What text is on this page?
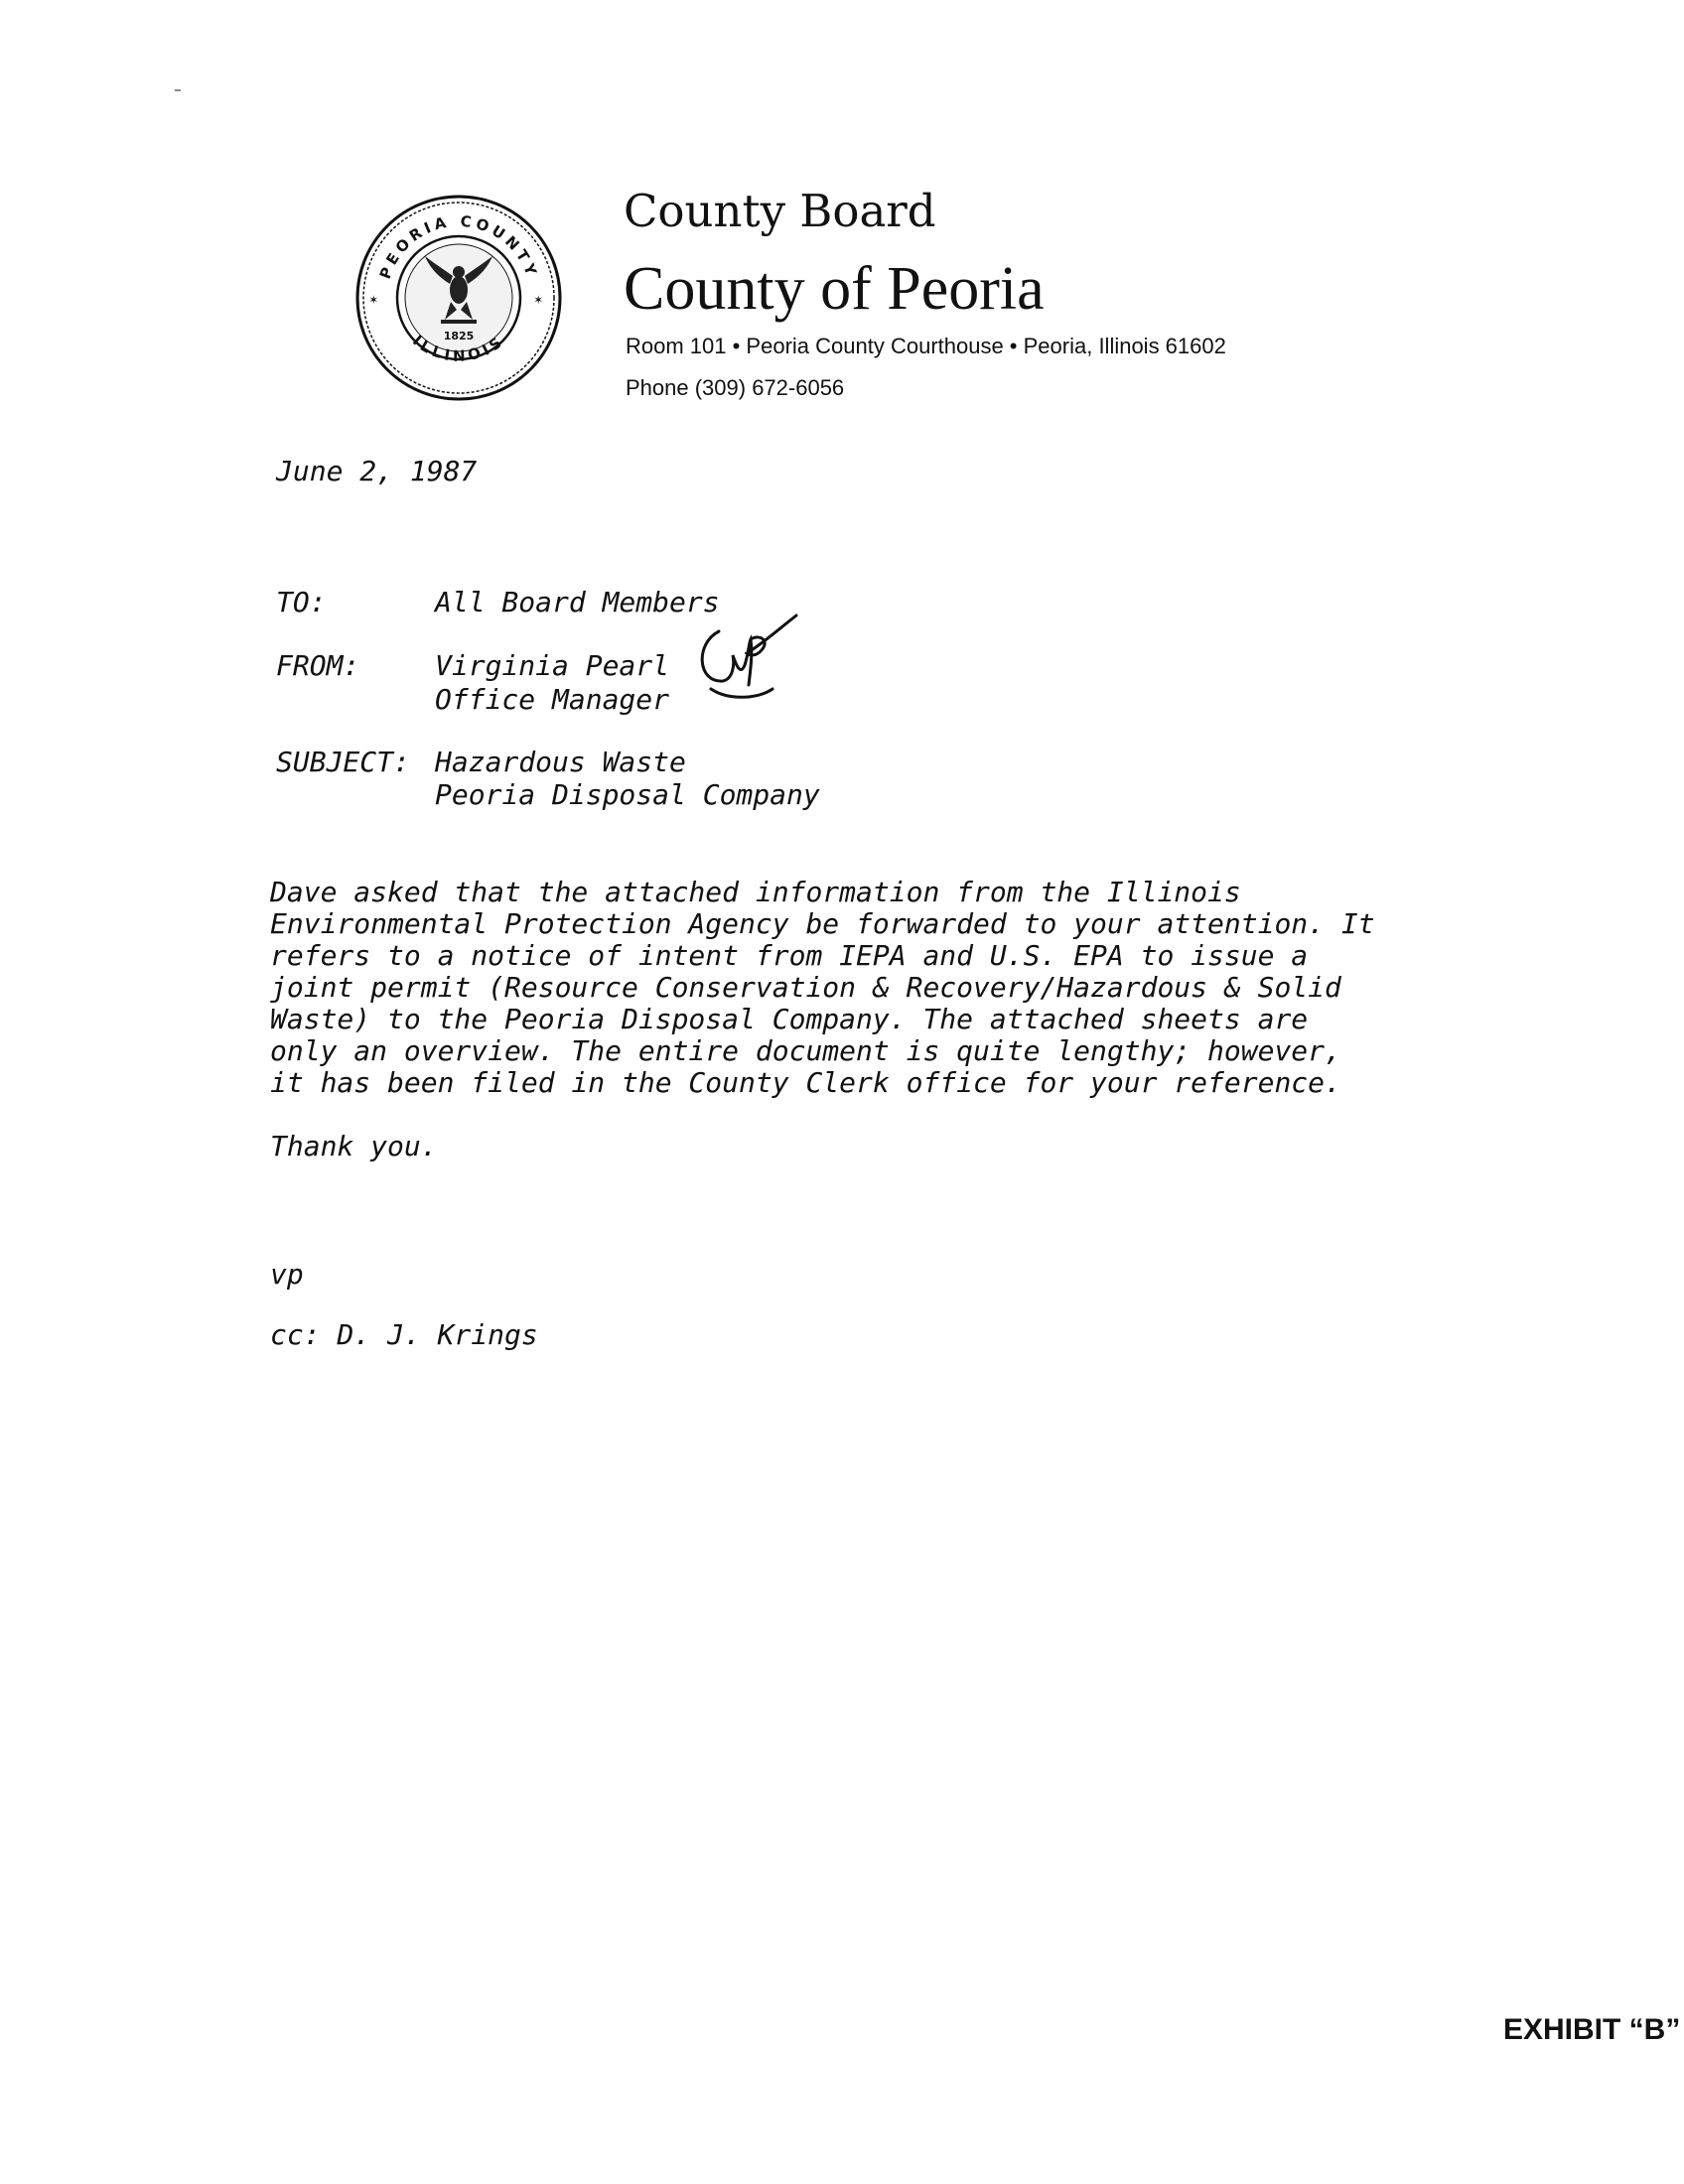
1825
✶	✶
PEORIA COUNTY
ILLINOIS
County Board
County of Peoria
Room 101 • Peoria County Courthouse • Peoria, Illinois 61602
Phone (309) 672-6056
June 2, 1987
TO:	All Board Members
FROM:	Virginia Pearl
Office Manager
SUBJECT: Hazardous Waste
Peoria Disposal Company
Dave asked that the attached information from the Illinois
Environmental Protection Agency be forwarded to your attention. It
refers to a notice of intent from IEPA and U.S. EPA to issue a
joint permit (Resource Conservation & Recovery/Hazardous & Solid
Waste) to the Peoria Disposal Company. The attached sheets are
only an overview. The entire document is quite lengthy; however,
it has been filed in the County Clerk office for your reference.
Thank you.
vp
cc: D. J. Krings
EXHIBIT “B”
